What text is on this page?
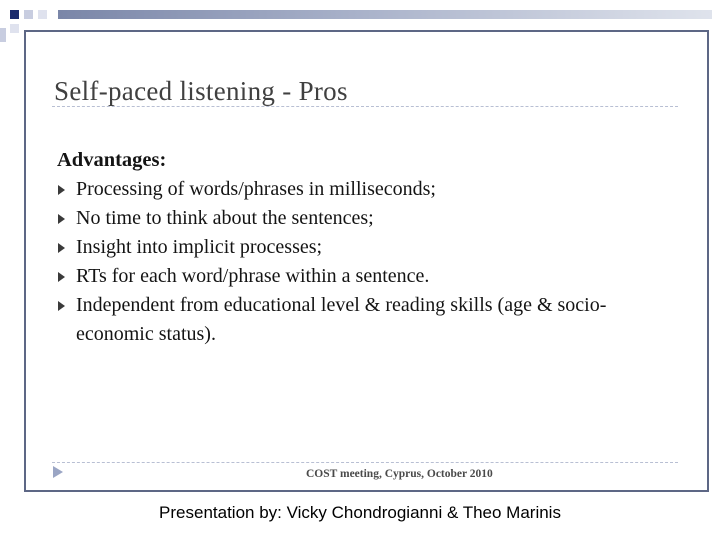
Self-paced listening - Pros
Advantages:
Processing of words/phrases in milliseconds;
No time to think about the sentences;
Insight into implicit processes;
RTs for each word/phrase within a sentence.
Independent from educational level & reading skills (age & socio-economic status).
COST meeting, Cyprus, October 2010
Presentation by: Vicky Chondrogianni & Theo Marinis
